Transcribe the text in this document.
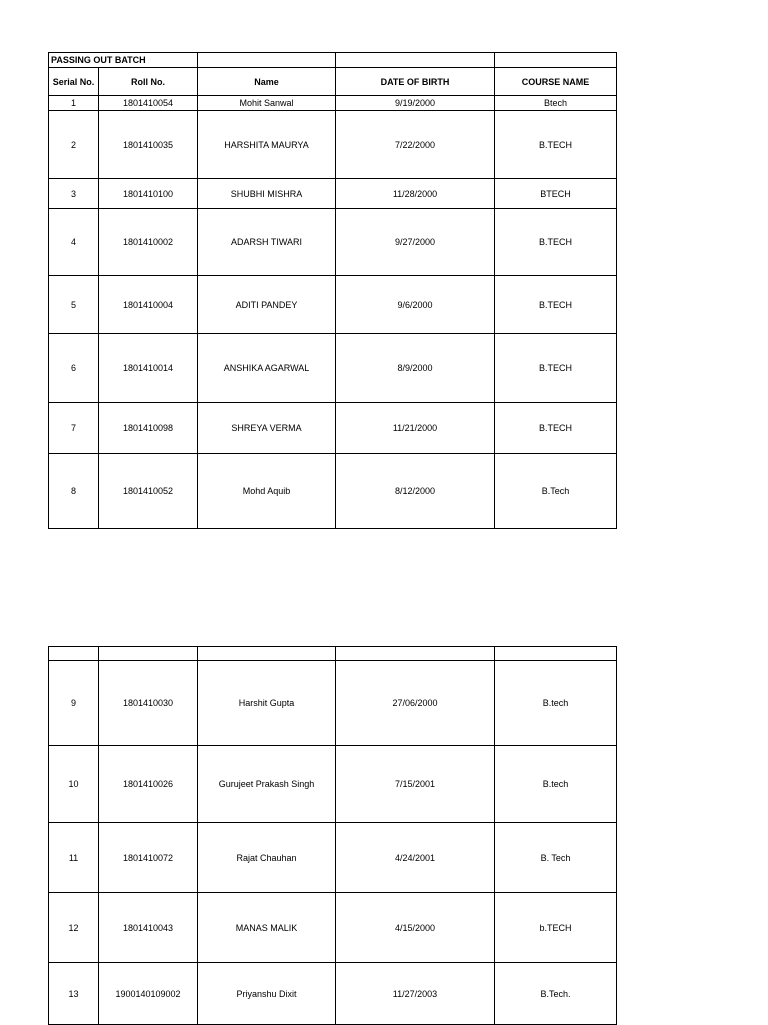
PASSING OUT BATCH				
Serial No.	Roll No.	Name	DATE OF BIRTH	COURSE NAME
1	1801410054	Mohit Sanwal	9/19/2000	Btech
2	1801410035	HARSHITA MAURYA	7/22/2000	B.TECH
3	1801410100	SHUBHI MISHRA	11/28/2000	BTECH
4	1801410002	ADARSH TIWARI	9/27/2000	B.TECH
5	1801410004	ADITI PANDEY	9/6/2000	B.TECH
6	1801410014	ANSHIKA AGARWAL	8/9/2000	B.TECH
7	1801410098	SHREYA VERMA	11/21/2000	B.TECH
8	1801410052	Mohd Aquib	8/12/2000	B.Tech

9	1801410030	Harshit Gupta	27/06/2000	B.tech
10	1801410026	Gurujeet Prakash Singh	7/15/2001	B.tech
11	1801410072	Rajat Chauhan	4/24/2001	B. Tech
12	1801410043	MANAS MALIK	4/15/2000	b.TECH
13	1900140109002	Priyanshu Dixit	11/27/2003	B.Tech.
